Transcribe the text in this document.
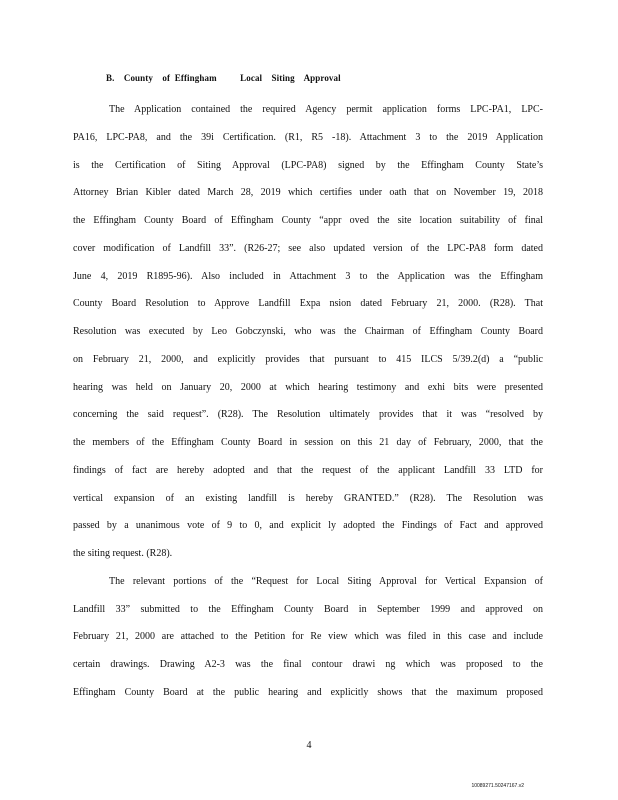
B.    County    of  Effingham          Local    Siting    Approval
The Application contained the required Agency permit application forms LPC-PA1, LPC-
PA16, LPC-PA8, and the 39i Certification. (R1, R5 -18). Attachment 3 to the 2019 Application
is the Certification of Siting Approval (LPC-PA8) signed by the Effingham County State’s
Attorney Brian Kibler dated March 28, 2019 which certifies under oath that on November 19, 2018
the Effingham County Board of Effingham County “appr oved the site location suitability of final
cover modification of Landfill 33”. (R26-27; see also updated version of the LPC-PA8 form dated
June 4, 2019 R1895-96). Also included in Attachment 3 to the Application was the Effingham
County Board Resolution to Approve Landfill Expa nsion dated February 21, 2000. (R28). That
Resolution was executed by Leo Gobczynski, who was the Chairman of Effingham County Board
on February 21, 2000, and explicitly provides that pursuant to 415 ILCS 5/39.2(d) a “public
hearing was held on January 20, 2000 at which hearing testimony and exhi bits were presented
concerning the said request”. (R28). The Resolution ultimately provides that it was “resolved by
the members of the Effingham County Board in session on this 21 day of February, 2000, that the
findings of fact are hereby adopted and that the request of the applicant Landfill 33 LTD for
vertical expansion of an existing landfill is hereby GRANTED.” (R28). The Resolution was
passed by a unanimous vote of 9 to 0, and explicit ly adopted the Findings of Fact and approved
the siting request. (R28).
The relevant portions of the “Request for Local Siting Approval for Vertical Expansion of
Landfill 33” submitted to the Effingham County Board in September 1999 and approved on
February 21, 2000 are attached to the Petition for Re view which was filed in this case and include
certain drawings. Drawing A2-3 was the final contour drawi ng which was proposed to the
Effingham County Board at the public hearing and explicitly shows that the maximum proposed
4
10089271.50247167.v2
